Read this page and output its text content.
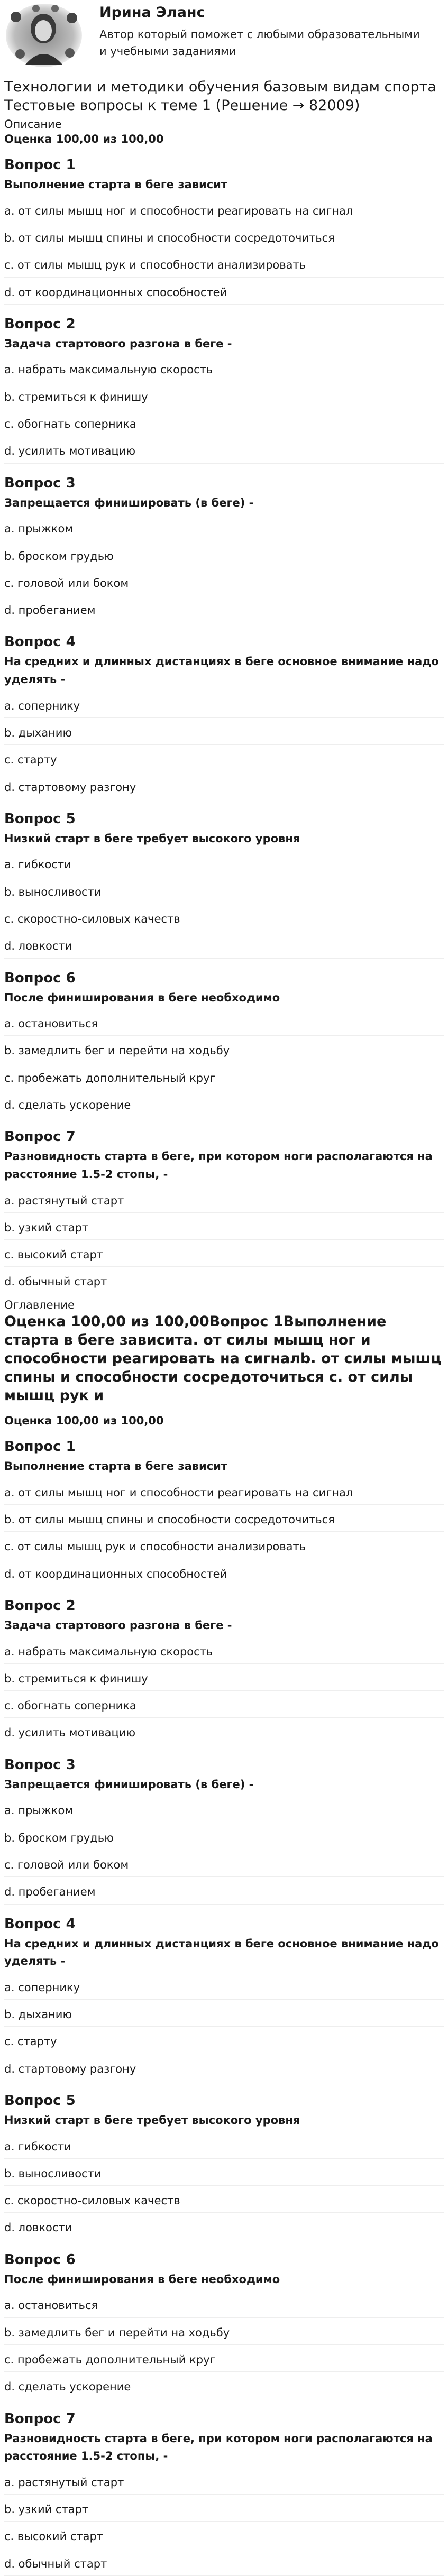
Ирина Эланс
Автор который поможет с любыми образовательными и учебными заданиями
Технологии и методики обучения базовым видам спорта
Тестовые вопросы к теме 1 (Решение → 82009)
Описание
Оценка 100,00 из 100,00
Вопрос 1
Выполнение старта в беге зависит
a. от силы мышц ног и способности реагировать на сигнал
b. от силы мышц спины и способности сосредоточиться
c. от силы мышц рук и способности анализировать
d. от координационных способностей
Вопрос 2
Задача стартового разгона в беге -
a. набрать максимальную скорость
b. стремиться к финишу
c. обогнать соперника
d. усилить мотивацию
Вопрос 3
Запрещается финишировать (в беге) -
a. прыжком
b. броском грудью
c. головой или боком
d. пробеганием
Вопрос 4
На средних и длинных дистанциях в беге основное внимание надо уделять -
a. сопернику
b. дыханию
c. старту
d. стартовому разгону
Вопрос 5
Низкий старт в беге требует высокого уровня
a. гибкости
b. выносливости
c. скоростно-силовых качеств
d. ловкости
Вопрос 6
После финиширования в беге необходимо
a. остановиться
b. замедлить бег и перейти на ходьбу
c. пробежать дополнительный круг
d. сделать ускорение
Вопрос 7
Разновидность старта в беге, при котором ноги располагаются на расстояние 1.5-2 стопы, -
a. растянутый старт
b. узкий старт
c. высокий старт
d. обычный старт
Оглавление
Оценка 100,00 из 100,00Вопрос 1Выполнение старта в беге зависита. от силы мышц ног и способности реагировать на сигналb. от силы мышц спины и способности сосредоточиться с. от силы мышц рук и
Оценка 100,00 из 100,00
Вопрос 1
Выполнение старта в беге зависит
a. от силы мышц ног и способности реагировать на сигнал
b. от силы мышц спины и способности сосредоточиться
c. от силы мышц рук и способности анализировать
d. от координационных способностей
Вопрос 2
Задача стартового разгона в беге -
a. набрать максимальную скорость
b. стремиться к финишу
c. обогнать соперника
d. усилить мотивацию
Вопрос 3
Запрещается финишировать (в беге) -
a. прыжком
b. броском грудью
c. головой или боком
d. пробеганием
Вопрос 4
На средних и длинных дистанциях в беге основное внимание надо уделять -
a. сопернику
b. дыханию
c. старту
d. стартовому разгону
Вопрос 5
Низкий старт в беге требует высокого уровня
a. гибкости
b. выносливости
c. скоростно-силовых качеств
d. ловкости
Вопрос 6
После финиширования в беге необходимо
a. остановиться
b. замедлить бег и перейти на ходьбу
c. пробежать дополнительный круг
d. сделать ускорение
Вопрос 7
Разновидность старта в беге, при котором ноги располагаются на расстояние 1.5-2 стопы, -
a. растянутый старт
b. узкий старт
c. высокий старт
d. обычный старт
